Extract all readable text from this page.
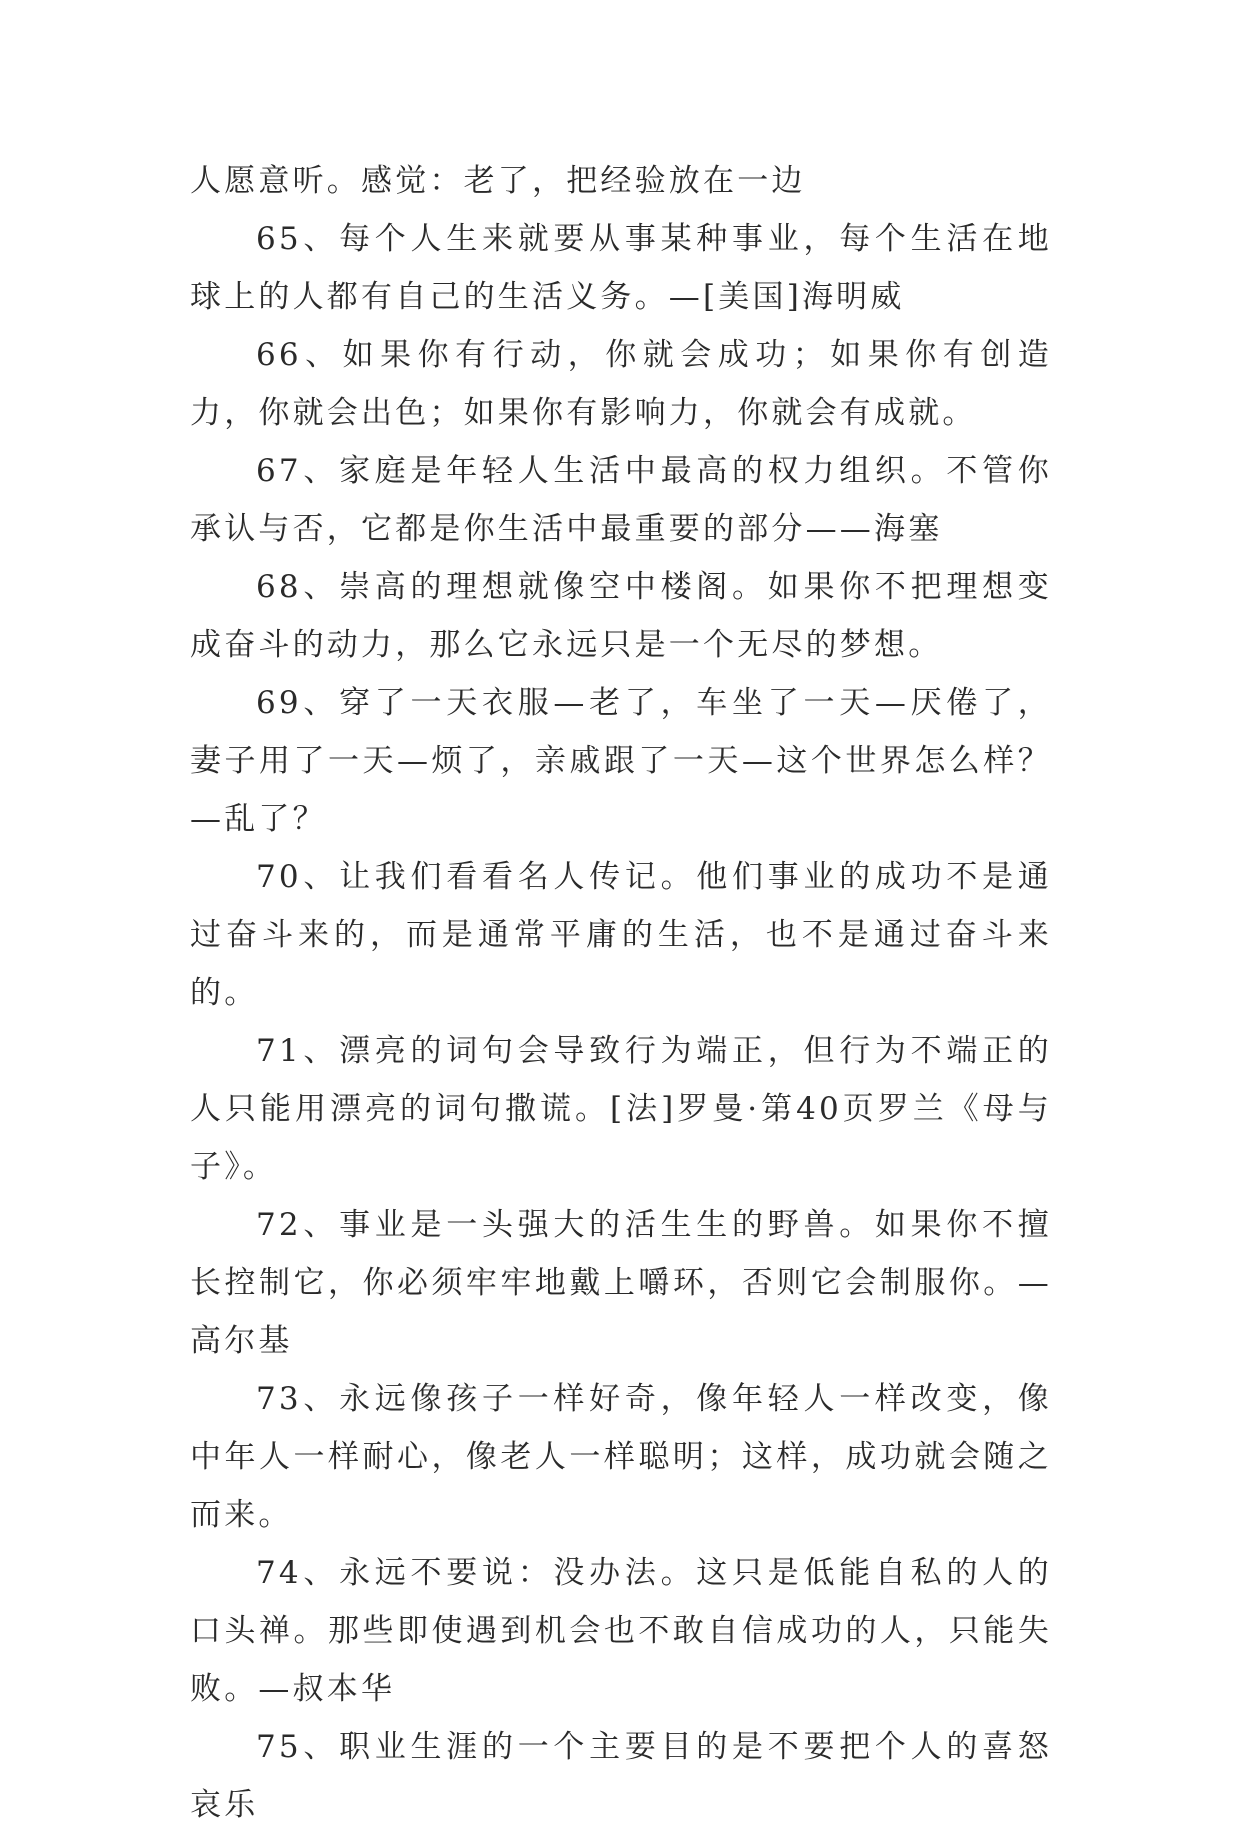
人愿意听。感觉：老了，把经验放在一边

65、每个人生来就要从事某种事业，每个生活在地球上的人都有自己的生活义务。—[美国]海明威

66、如果你有行动，你就会成功；如果你有创造力，你就会出色；如果你有影响力，你就会有成就。

67、家庭是年轻人生活中最高的权力组织。不管你承认与否，它都是你生活中最重要的部分——海塞

68、崇高的理想就像空中楼阁。如果你不把理想变成奋斗的动力，那么它永远只是一个无尽的梦想。

69、穿了一天衣服—老了，车坐了一天—厌倦了，妻子用了一天—烦了，亲戚跟了一天—这个世界怎么样？—乱了？

70、让我们看看名人传记。他们事业的成功不是通过奋斗来的，而是通常平庸的生活，也不是通过奋斗来的。

71、漂亮的词句会导致行为端正，但行为不端正的人只能用漂亮的词句撒谎。[法]罗曼·第40页罗兰《母与子》。

72、事业是一头强大的活生生的野兽。如果你不擅长控制它，你必须牢牢地戴上嚼环，否则它会制服你。—高尔基

73、永远像孩子一样好奇，像年轻人一样改变，像中年人一样耐心，像老人一样聪明；这样，成功就会随之而来。

74、永远不要说：没办法。这只是低能自私的人的口头禅。那些即使遇到机会也不敢自信成功的人，只能失败。—叔本华

75、职业生涯的一个主要目的是不要把个人的喜怒哀乐
